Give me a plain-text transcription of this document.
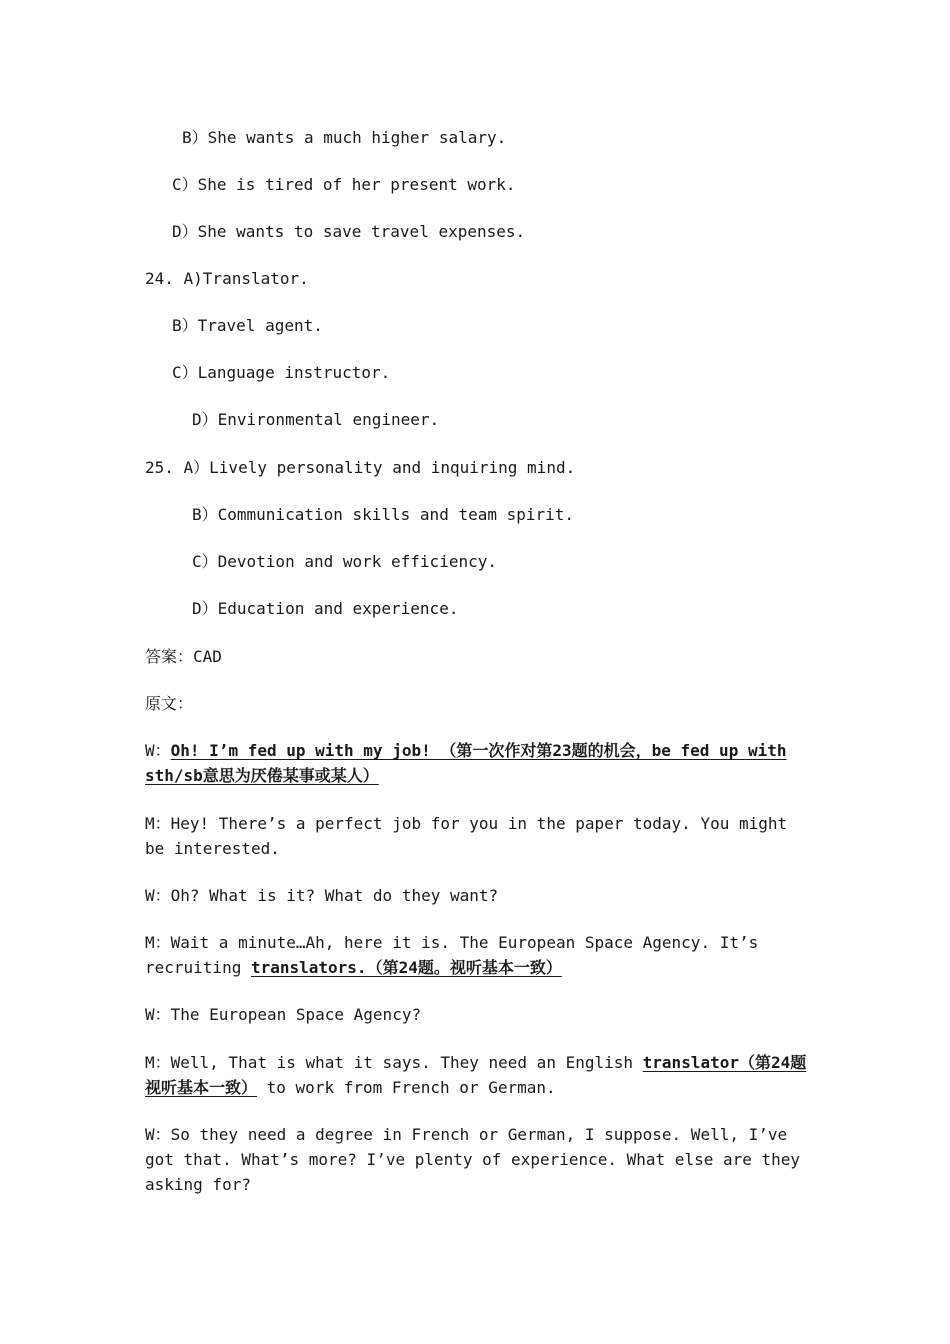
B）She wants a much higher salary.
C）She is tired of her present work.
D）She wants to save travel expenses.
24. A)Translator.
B）Travel agent.
C）Language instructor.
D）Environmental engineer.
25. A）Lively personality and inquiring mind.
B）Communication skills and team spirit.
C）Devotion and work efficiency.
D）Education and experience.
答案：CAD
原文：
W：Oh! I’m fed up with my job! （第一次作对第23题的机会，be fed up with sth/sb意思为厌倦某事或某人）
M：Hey! There’s a perfect job for you in the paper today. You might be interested.
W：Oh? What is it? What do they want?
M：Wait a minute…Ah, here it is. The European Space Agency. It’s recruiting translators.（第24题。视听基本一致）
W：The European Space Agency?
M：Well, That is what it says. They need an English translator（第24题视听基本一致） to work from French or German.
W：So they need a degree in French or German, I suppose. Well, I’ve got that. What’s more? I’ve plenty of experience. What else are they asking for?
